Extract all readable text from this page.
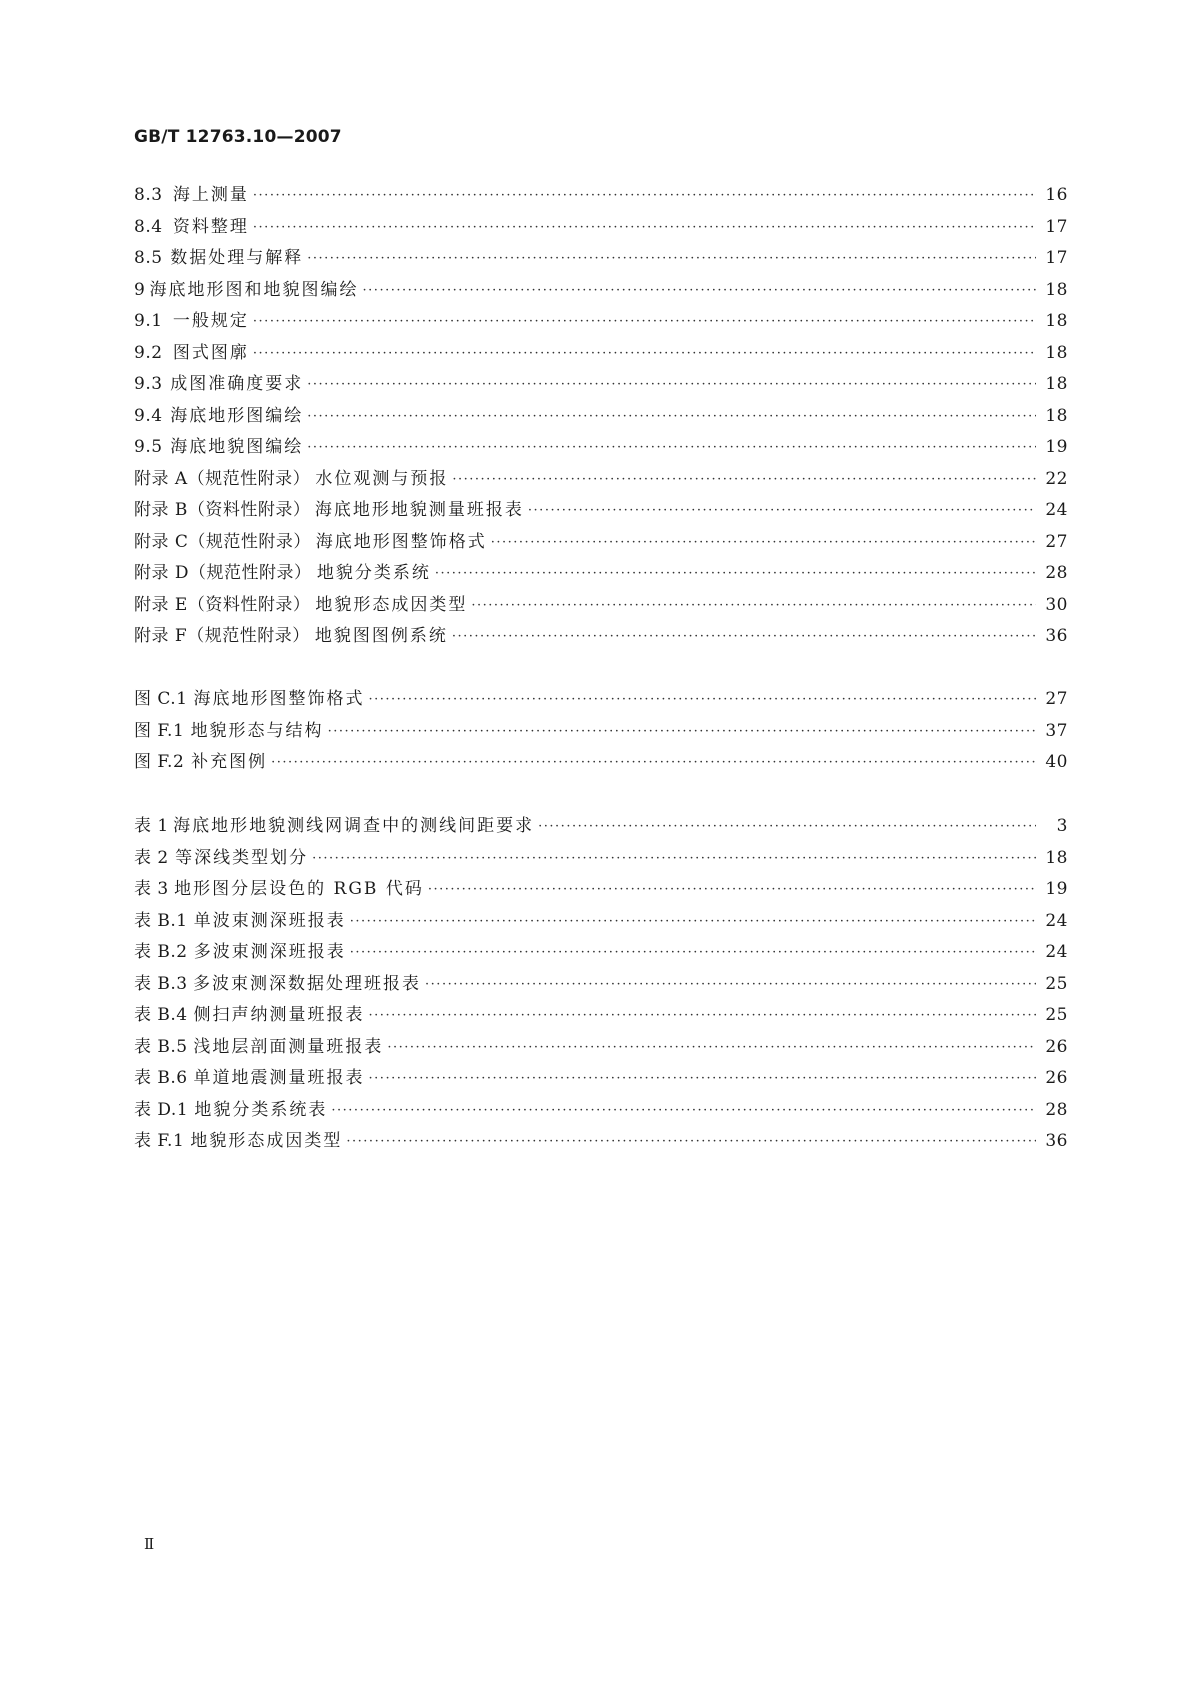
GB/T 12763.10—2007
8.3 海上测量 ·····	16
8.4 资料整理 ·····	17
8.5 数据处理与解释 ·····	17
9 海底地形图和地貌图编绘 ·····	18
9.1 一般规定 ·····	18
9.2 图式图廓 ·····	18
9.3 成图准确度要求 ·····	18
9.4 海底地形图编绘 ·····	18
9.5 海底地貌图编绘 ·····	19
附录 A（规范性附录） 水位观测与预报 ·····	22
附录 B（资料性附录） 海底地形地貌测量班报表 ·····	24
附录 C（规范性附录） 海底地形图整饰格式 ·····	27
附录 D（规范性附录） 地貌分类系统 ·····	28
附录 E（资料性附录） 地貌形态成因类型 ·····	30
附录 F（规范性附录） 地貌图图例系统 ·····	36
图 C.1 海底地形图整饰格式 ·····	27
图 F.1 地貌形态与结构 ·····	37
图 F.2 补充图例 ·····	40
表 1 海底地形地貌测线网调查中的测线间距要求 ·····	3
表 2 等深线类型划分 ·····	18
表 3 地形图分层设色的 RGB 代码 ·····	19
表 B.1 单波束测深班报表 ·····	24
表 B.2 多波束测深班报表 ·····	24
表 B.3 多波束测深数据处理班报表 ·····	25
表 B.4 侧扫声纳测量班报表 ·····	25
表 B.5 浅地层剖面测量班报表 ·····	26
表 B.6 单道地震测量班报表 ·····	26
表 D.1 地貌分类系统表 ·····	28
表 F.1 地貌形态成因类型 ·····	36
Ⅱ
